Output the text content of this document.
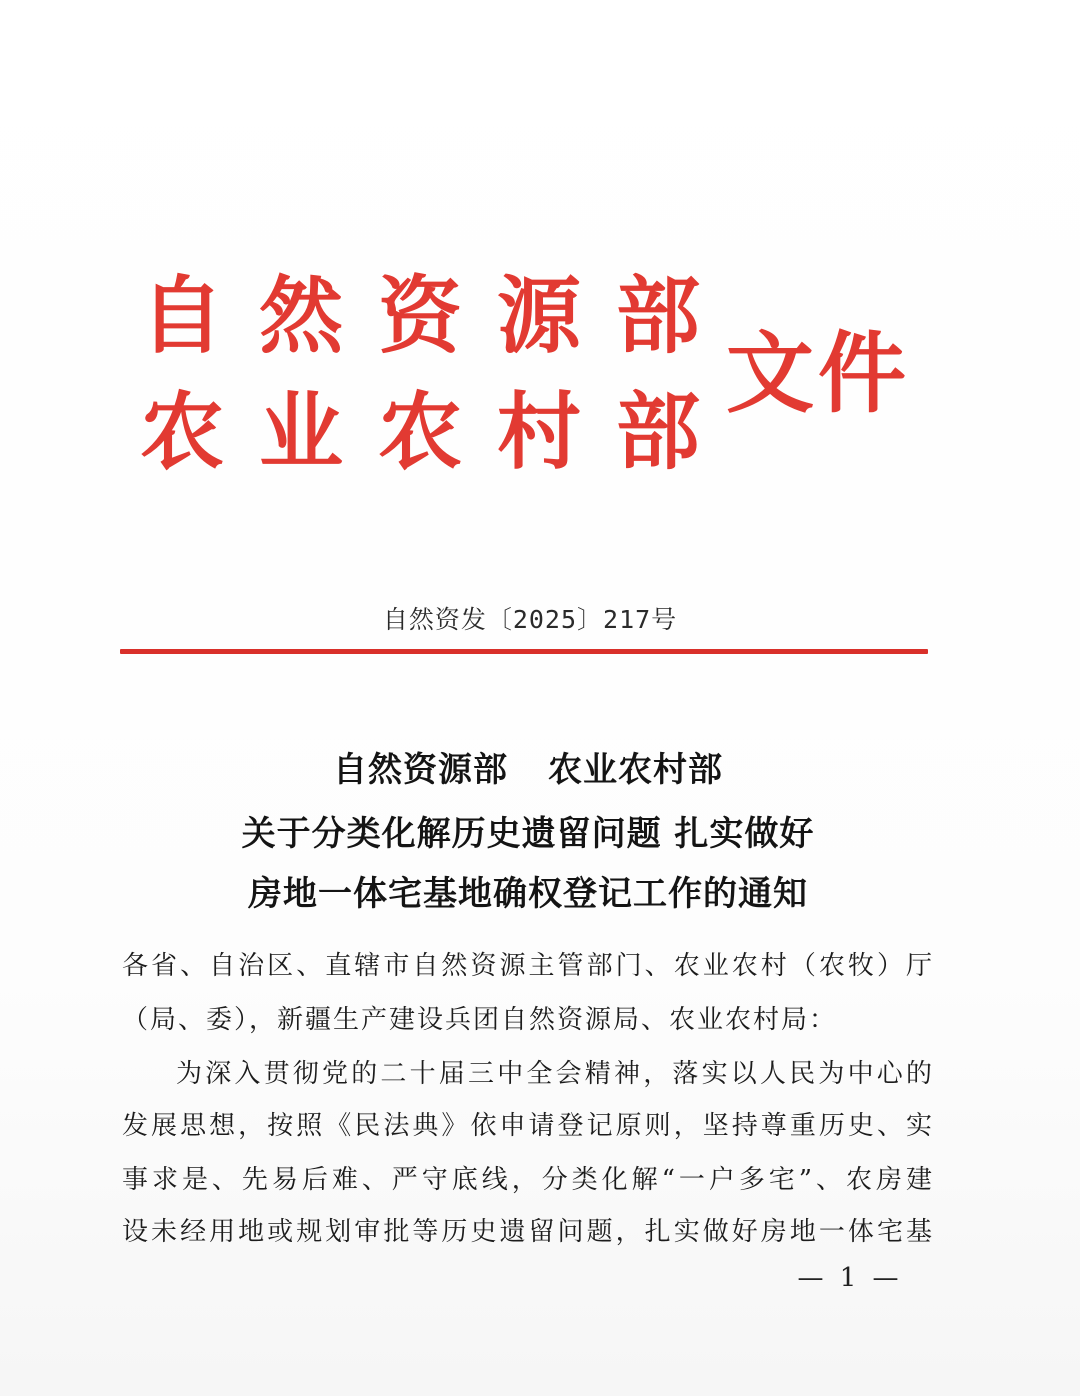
自 然 资 源 部
农 业 农 村 部
文件
自然资发〔2025〕217号
自然资源部 农业农村部
关于分类化解历史遗留问题 扎实做好
房地一体宅基地确权登记工作的通知
各省、自治区、直辖市自然资源主管部门、农业农村（农牧）厅
（局、委），新疆生产建设兵团自然资源局、农业农村局：
为深入贯彻党的二十届三中全会精神，落实以人民为中心的
发展思想，按照《民法典》依申请登记原则，坚持尊重历史、实
事求是、先易后难、严守底线，分类化解“一户多宅”、农房建
设未经用地或规划审批等历史遗留问题，扎实做好房地一体宅基
— 1 —
